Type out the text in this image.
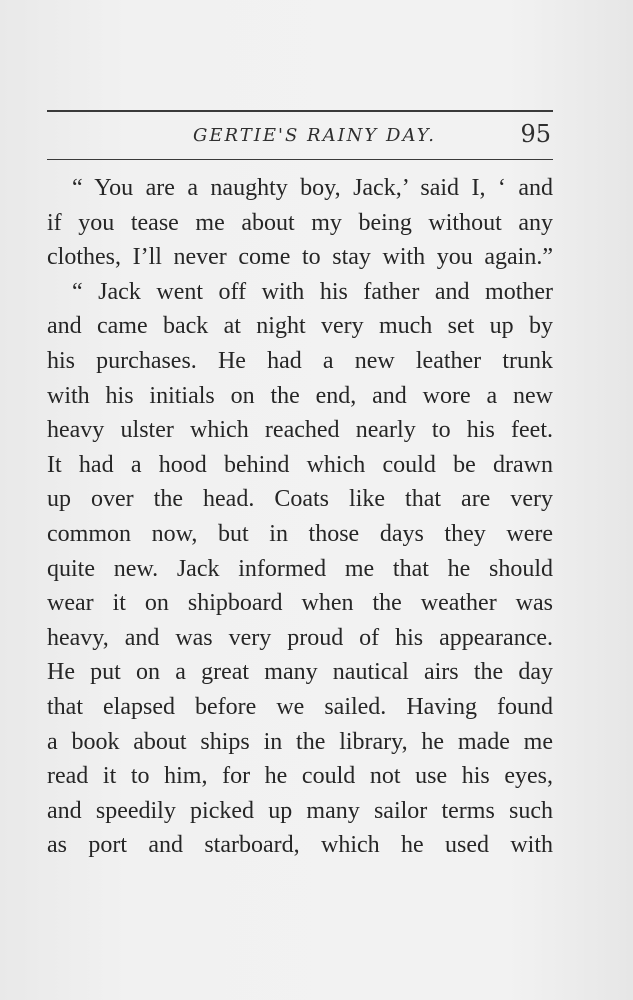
GERTIE'S RAINY DAY.	95
“ You are a naughty boy, Jack,’ said I, ‘ and
if you tease me about my being without any
clothes, I’ll never come to stay with you again.”
“ Jack went off with his father and mother
and came back at night very much set up by
his purchases. He had a new leather trunk
with his initials on the end, and wore a new
heavy ulster which reached nearly to his feet.
It had a hood behind which could be drawn
up over the head. Coats like that are very
common now, but in those days they were
quite new. Jack informed me that he should
wear it on shipboard when the weather was
heavy, and was very proud of his appearance.
He put on a great many nautical airs the day
that elapsed before we sailed. Having found
a book about ships in the library, he made me
read it to him, for he could not use his eyes,
and speedily picked up many sailor terms such
as port and starboard, which he used with
